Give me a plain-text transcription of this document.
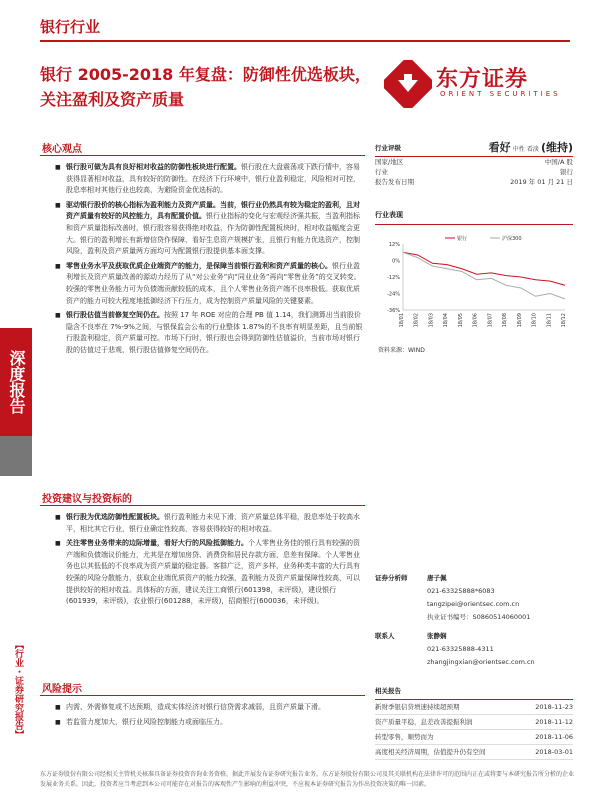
银行行业
银行 2005-2018 年复盘：防御性优选板块，关注盈利及资产质量
东方证券
ORIENT SECURITIES
深度报告
【行业・证券研究报告】
核心观点
■ 银行股可做为具有良好相对收益的防御性板块进行配置。银行股在大盘震荡或下跌行情中，容易获得显著相对收益，具有较好的防御性。在经济下行环境中，银行业盈利稳定，风险相对可控，股息率相对其他行业也较高，为避险资金优选标的。
■ 驱动银行股价的核心指标为盈利能力及资产质量。当前，银行业仍然具有较为稳定的盈利，且对资产质量有较好的风控能力，具有配置价值。银行业指标的变化与宏观经济强共振，当盈利指标和资产质量指标改善时，银行股容易获得绝对收益，作为防御性配置板块时，相对收益幅度会更大。银行的盈利增长有新增信贷作保障，看好生息资产规模扩张，且银行有能力优选资产，控制风险，盈利及资产质量两方面均可为配置银行股提供基本面支撑。
■ 零售业务水平及获取优质企业端资产的能力，是保障当前银行盈利和资产质量的核心。银行业盈利增长及资产质量改善的源动力经历了从“对公业务”向“同业业务”再向“零售业务”的交叉转变。较强的零售业务能力可为负债端贡献较低的成本，且个人零售业务资产端不良率极低。获取优质资产的能力可较大程度地抵御经济下行压力，成为控制资产质量风险的关键要素。
■ 银行股估值当前修复空间仍在。按照 17 年 ROE 对应的合理 PB 值 1.14，我们测算出当前股价隐含不良率在 7%-9%之间，与银保监会公布的行业整体 1.87%的不良率有明显差距，且当前银行股盈利稳定，资产质量可控。市场下行时，银行股也会得到防御性估值溢价，当前市场对银行股的估值过于悲观，银行股估值修复空间仍在。
投资建议与投资标的
■ 银行股为优选防御性配置板块。银行盈利能力未见下滑，资产质量总体平稳，股息率处于较高水平，相比其它行业，银行业确定性较高，容易获得较好的相对收益。
■ 关注零售业务带来的边际增量，看好大行的风险抵御能力。个人零售业务佳的银行具有较强的资产端和负债端议价能力，尤其是在增加房贷、消费贷和居民存款方面，息差有保障。个人零售业务也以其低低的不良率成为资产质量的稳定器。客群广泛，资产多样，业务种类丰富的大行具有较强的风险分散能力，获取企业端优质资产的能力较强，盈利能力及资产质量保障性较高，可以提供较好的相对收益。具体标的方面，建议关注工商银行(601398，未评级)，建设银行(601939，未评级)，农业银行(601288，未评级)，招商银行(600036，未评级)。
风险提示
■ 内需、外需修复或不达预期，造成实体经济对银行信贷需求减弱，且资产质量下滑。
■ 若监管力度加大，银行业风险控制能力或面临压力。
行业评级	看好 中性 看淡 (维持)
国家/地区	中国/A 股
行业	银行
报告发布日期	2019 年 01 月 21 日
行业表现
12%
0%
-12%
-24%
-36%
18/01 18/02 18/03 18/04 18/05 18/06 18/07 18/08 18/09 18/10 18/11 18/12
银行	沪深300
资料来源：WIND
证券分析师	唐子佩
021-63325888*6083
tangzipei@orientsec.com.cn
执业证书编号：S0860514060001
联系人	张静娴
021-63325888-4311
zhangjingxian@orientsec.com.cn
相关报告
新财季银信贷增速持续超预期	2018-11-23
资产质量平稳，息差改善提振利润	2018-11-12
转型零售，顺势而为	2018-11-06
高度相关经济周期，估值提升仍有空间	2018-03-01
东方证券股份有限公司经相关主管机关核准具备证券投资咨询业务资格，据此开展发布证券研究报告业务。东方证券股份有限公司及其关联机构在法律许可的范围内正在或将要与本研究报告所分析的企业发展业务关系。因此，投资者应当考虑到本公司可能存在对报告的客观性产生影响的利益冲突，不应视本证券研究报告为作出投资决策的唯一因素。
